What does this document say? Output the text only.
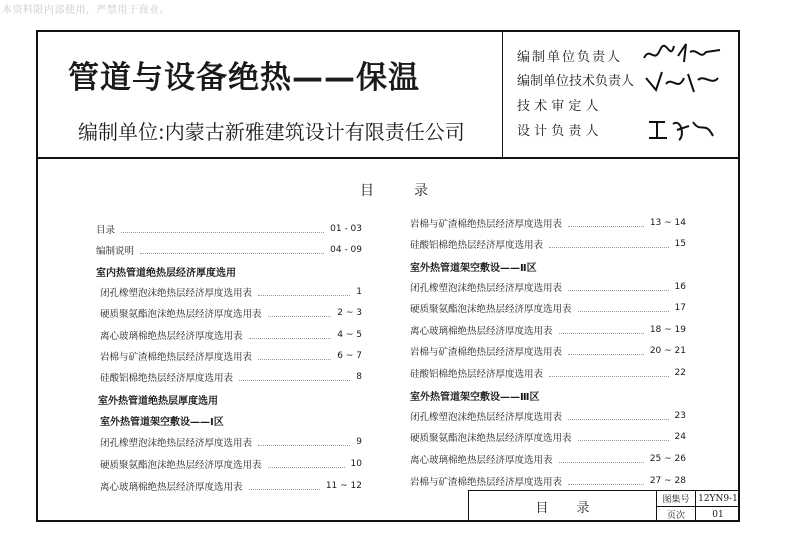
本资料限内部使用，严禁用于商业。
管道与设备绝热——保温
编制单位:内蒙古新雅建筑设计有限责任公司
编制单位负责人
编制单位技术负责人
技 术 审 定 人
设 计 负 责 人
目录
目录	01 - 03
编制说明	04 - 09
室内热管道绝热层经济厚度选用
闭孔橡塑泡沫绝热层经济厚度选用表	1
硬质聚氨酯泡沫绝热层经济厚度选用表	2 ~ 3
离心玻璃棉绝热层经济厚度选用表	4 ~ 5
岩棉与矿渣棉绝热层经济厚度选用表	6 ~ 7
硅酸铝棉绝热层经济厚度选用表	8
室外热管道绝热层厚度选用
室外热管道架空敷设——Ⅰ区
闭孔橡塑泡沫绝热层经济厚度选用表	9
硬质聚氨酯泡沫绝热层经济厚度选用表	10
离心玻璃棉绝热层经济厚度选用表	11 ~ 12
岩棉与矿渣棉绝热层经济厚度选用表	13 ~ 14
硅酸铝棉绝热层经济厚度选用表	15
室外热管道架空敷设——Ⅱ区
闭孔橡塑泡沫绝热层经济厚度选用表	16
硬质聚氨酯泡沫绝热层经济厚度选用表	17
离心玻璃棉绝热层经济厚度选用表	18 ~ 19
岩棉与矿渣棉绝热层经济厚度选用表	20 ~ 21
硅酸铝棉绝热层经济厚度选用表	22
室外热管道架空敷设——Ⅲ区
闭孔橡塑泡沫绝热层经济厚度选用表	23
硬质聚氨酯泡沫绝热层经济厚度选用表	24
离心玻璃棉绝热层经济厚度选用表	25 ~ 26
岩棉与矿渣棉绝热层经济厚度选用表	27 ~ 28
目录
图集号 12YN9-1
页次	01
